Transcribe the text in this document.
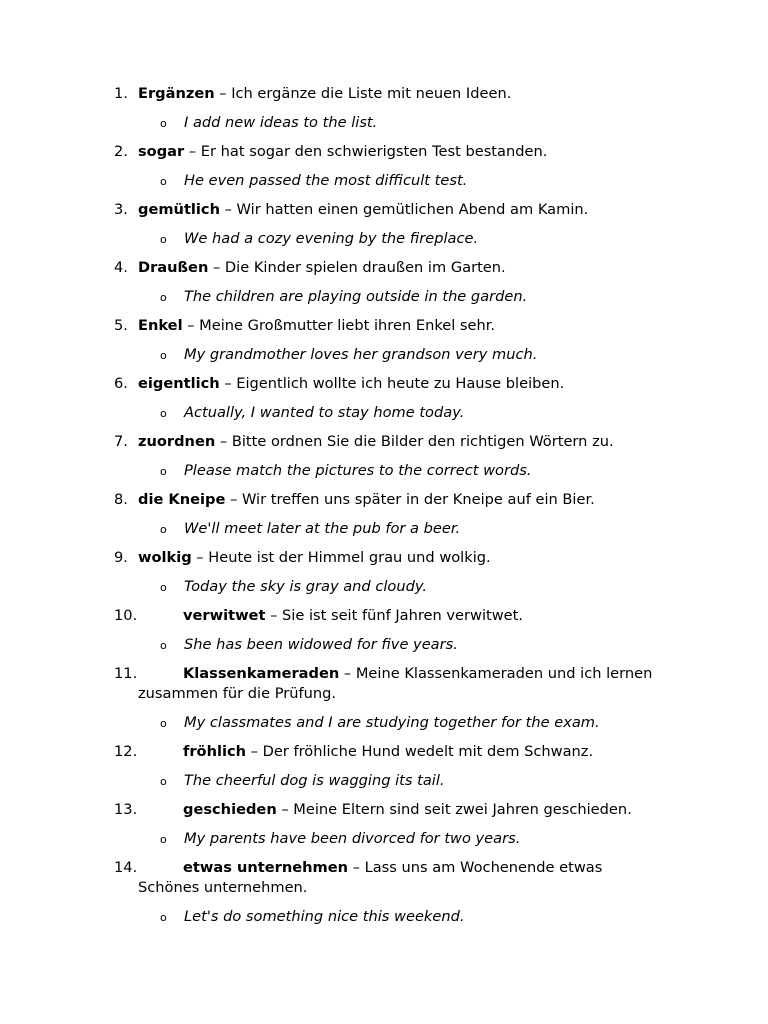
1. Ergänzen – Ich ergänze die Liste mit neuen Ideen.
o I add new ideas to the list.
2. sogar – Er hat sogar den schwierigsten Test bestanden.
o He even passed the most difficult test.
3. gemütlich – Wir hatten einen gemütlichen Abend am Kamin.
o We had a cozy evening by the fireplace.
4. Draußen – Die Kinder spielen draußen im Garten.
o The children are playing outside in the garden.
5. Enkel – Meine Großmutter liebt ihren Enkel sehr.
o My grandmother loves her grandson very much.
6. eigentlich – Eigentlich wollte ich heute zu Hause bleiben.
o Actually, I wanted to stay home today.
7. zuordnen – Bitte ordnen Sie die Bilder den richtigen Wörtern zu.
o Please match the pictures to the correct words.
8. die Kneipe – Wir treffen uns später in der Kneipe auf ein Bier.
o We'll meet later at the pub for a beer.
9. wolkig – Heute ist der Himmel grau und wolkig.
o Today the sky is gray and cloudy.
10.	verwitwet – Sie ist seit fünf Jahren verwitwet.
o She has been widowed for five years.
11.	Klassenkameraden – Meine Klassenkameraden und ich lernen zusammen für die Prüfung.
o My classmates and I are studying together for the exam.
12.	fröhlich – Der fröhliche Hund wedelt mit dem Schwanz.
o The cheerful dog is wagging its tail.
13.	geschieden – Meine Eltern sind seit zwei Jahren geschieden.
o My parents have been divorced for two years.
14.	etwas unternehmen – Lass uns am Wochenende etwas Schönes unternehmen.
o Let's do something nice this weekend.
